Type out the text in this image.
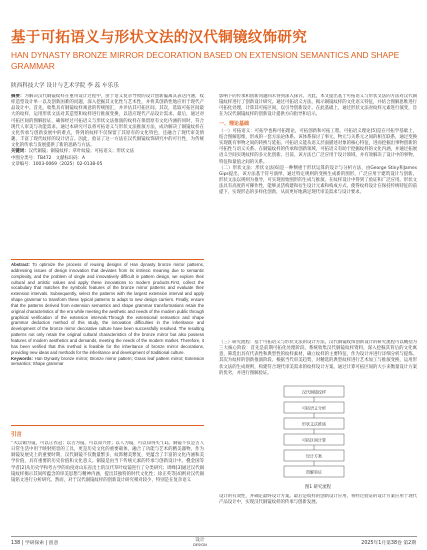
基于可拓语义与形状文法的汉代铜镜纹饰研究
HAN DYNASTY BRONZE MIRROR DECORATION BASED ON EXTENSION SEMANTICS AND SHAPE GRAMMAR
陕西科技大学 设计与艺术学院 李 蕊 车乐乐
摘要：为解决汉代铜镜纹样在重用设计过程中，由于语义复杂导致的设计创新偏离其表达内涵，纹样造型设计单一以及创新困难的问题，深入挖掘其文化性与艺术性，并将其创新性地应用于现代产品设计中。首先，收集具有铜镜纹样寓意的传统图汇，并评估其可拓区间。其次，选取可拓区间最大的纹样，运用形状文法对其造型和纹样进行推演变换，以适应现代产品设计需求。最后，通过对可拓区间的图解验证，确保经过可拓语义与形状文法推演的纹样在保留原有文化内涵的同时，符合现代人审美与功能需求。通过本研究可以将可拓语义与形状文法推演方法，成功解决了铜镜纹样在文化传承与创新发展中的难点，得到的纹样不仅保留了其原有的文化特色，还融合了现代审美情趣，丰富了现代纹样的设计语言。因此，验证了这一方法在汉代铜镜纹饰研究中的可行性，为传统文化的传承与发展提供了新的思路与方法。
关键词：汉代铜镜；铜镜纹样；草叶纹镜；可拓语义；形状文法
中图分类号：TB472 文献标识码：A
文章编号：1003-0069（2025）02-0138-05
Abstract: To optimize the process of reusing designs of Han dynasty bronze mirror patterns, addressing issues of design innovation that deviates from its intrinsic meaning due to semantic complexity, and the problem of single and innovatively difficult in pattern design, we explore their cultural and artistic values and apply these innovations to modern products.First, collect the vocabulary that matches the symbolic features of the bronze mirror patterns and evaluate their extension intervals. Subsequently, select the patterns with the largest extension interval and apply shape grammar to transform these typical patterns to adapt to new design carriers. Finally, ensure that the patterns derived from extension semantics and shape grammar transformations retain the original characteristics of the era while meeting the aesthetic and needs of the modern public through graphical verification of the extension intervals.Through the extensional semantics and shape grammar deduction method of this study, the innovation difficulties in the inheritance and development of the bronze mirror decorative culture have been successfully resolved. The resulting patterns not only retain the original cultural characteristics of the bronze mirror but also possess features of modern aesthetics and demands, meeting the needs of the modern market. Therefore, it has been verified that this method is feasible for the inheritance of bronze mirror decorations, providing new ideas and methods for the inheritance and development of traditional culture.
Keywords: Han Dynasty bronze mirror; Bronze mirror pattern; Grass leaf pattern mirror; Extension semantics; Shape grammar
引言
“夫以铜为镜，可以正衣冠；以古为镜，可以知兴替；以人为镜，可以知得失”[1]。铜镜不仅是古人日常生活中用于映射照容的工具，更是历史文化的重要载体，融合了功能与艺术的精美器物。作为铜镜发展史上的重要时期，汉代铜镜不仅数量繁多，纹饰精美繁复，更蕴含了丰富的文化内涵和美学价值，具有重要的历史价值和文化意义。铜镜是由当下传统元素的传承与创新设计中。叠金国等学者[2]从历史学和考古学的角度对山东省出土的汉代草叶纹镜进行了分类研究；周峰[3]通过汉代铜镜纹样揭示其间所蕴含的审美思想与精神内涵，提出其独特的时代文化性；徐正英等[4]则对汉代铜镜铭文进行分析研究。然而，对于汉代铜镜纹样的创新设计研究相对较少，特别是在复杂语义
影响下的传承和创新问题尚未得到深入探讨。为此，本文提出基于可拓语义与形状文法的方法对汉代铜镜纹样进行了创新设计研究。通过可拓语义方法，揭示铜镜纹样的文化语义特征，并结合图解思维进行可拓化处理，计算其可拓区间，以引导创新设计。在此基础上，通过形状文法对纹样元素进行演变，旨在为汉代铜镜纹样的创新设计提供方向指导和启示。
一、理论基础
（一）可拓语义：可拓学也称可拓理论，可拓创新和可拓工程。可拓语义理论[5]是在可拓学基础上，结合图解思维，形成的一套方法论体系。该体系探讨了事元、物元与关系元之间的相互联系，通过变换实现既有事物之间的转换与延拓，可拓语义能从语义层面描述对象的核心特征，进而挖掘出事物创新的可拓性与语义关系。在铜镜纹样的传承和创新领域，可拓语义有助于挖掘纹样的文化内涵，并通过拓展语义空间实现纹样的多元化创新。目前，该方法已广泛应用于设计领域，并有效解决了设计中的事物、特征和量值之间的关系。
（二）形状文法：形状文法[6]是一种侧重于形状运算的设计与分析方法，由George Stiny和James Gips提出，该方法基于符号演绎，通过特定规则的变换生成新的图形，广泛应用于建筑设计与创新。形状文法以规则为推导，可实现原始图形的生成与推演，在纹样设计中得到了验证和广泛应用。形状文法具有高度的可操作性，能够灵活构建和衍生设计元素和构成方式，使得纹样设计在保持传统特征的前提下，实现形态的多样化创新，从而更好地满足现代审美需求与设计要求。
（三）研究流程：基于可拓语义与形状文法的设计方法，汉代铜镜纹饰创新设计的研究流程可以概括为三大核心阶段：首先是前期可拓化处理阶段。系统收集汉代铜镜纹样资料，深入挖掘其背后的文化寓意，筛选出具有代表性和典型性的纹样素材，确立纹样的主要特征，作为设计并进行详细分析与提炼。其次为纹样的创新推演阶段。根据当代审美趋势，对精选的典型纹样进行艺术加工与推演变换，运用形状文法的生成规则，构建符合现代审美需求的纹样设计方案。通过计算可拓区间的大小来衡量设计方案的优劣，并进行图解验证。
汉代铜镜纹样
可拓语义分析
形状文法推演
可拓区间计算
设计方案
图解验证
图1 研究流程
设计的有效性，并确定最终设计方案。最后是纹样的创新设计应用，将经过验证的设计方案应用于现代产品设计中，实现汉代铜镜纹样的传承与创新发展。
138 | 学研探索 | 创意
设计
DESIGN	2025年1月第38卷 第2期
